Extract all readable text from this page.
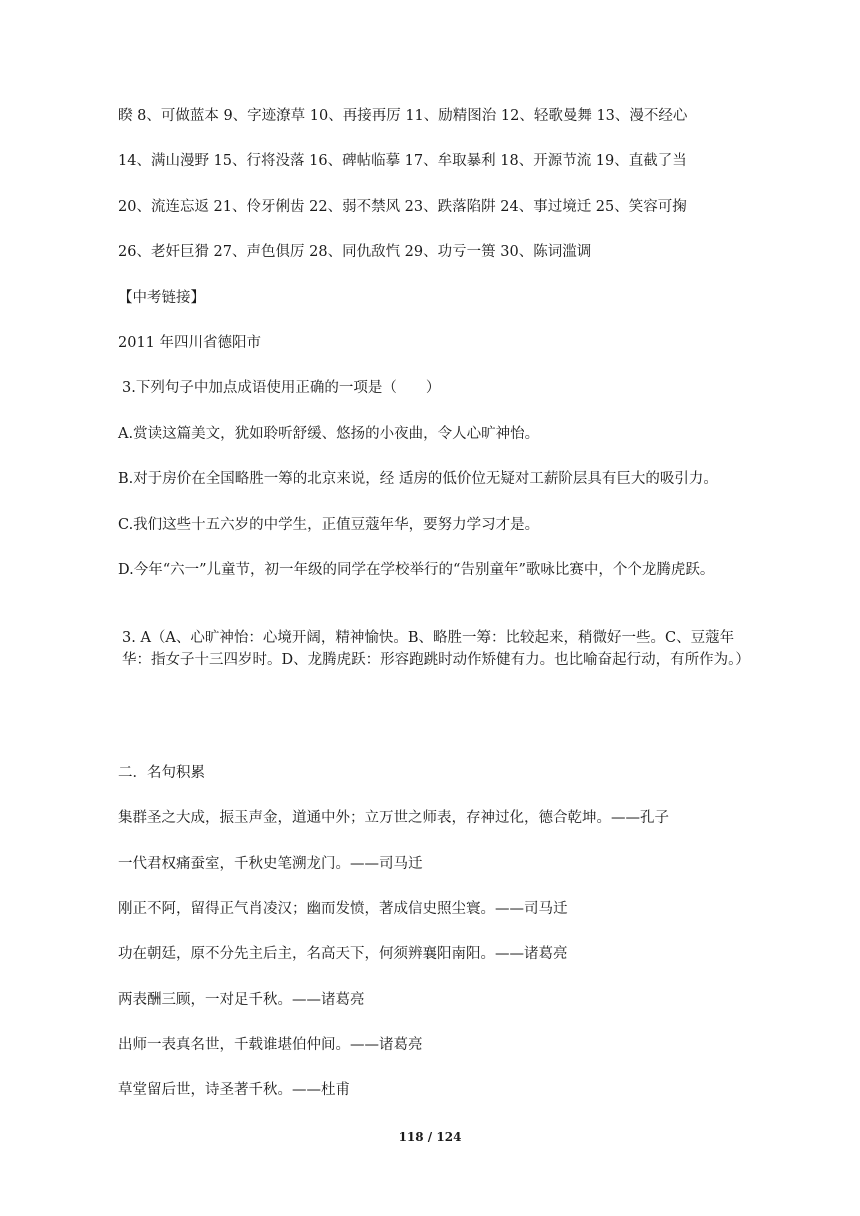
睽 8、可做蓝本 9、字迹潦草 10、再接再厉 11、励精图治 12、轻歌曼舞 13、漫不经心
14、满山漫野 15、行将没落 16、碑帖临摹 17、牟取暴利 18、开源节流 19、直截了当
20、流连忘返 21、伶牙俐齿 22、弱不禁风 23、跌落陷阱 24、事过境迁 25、笑容可掬
26、老奸巨猾 27、声色俱厉 28、同仇敌忾 29、功亏一篑 30、陈词滥调
【中考链接】
2011 年四川省德阳市
3.下列句子中加点成语使用正确的一项是（　　）
A.赏读这篇美文，犹如聆听舒缓、悠扬的小夜曲，令人心旷神怡。
B.对于房价在全国略胜一筹的北京来说，经 适房的低价位无疑对工薪阶层具有巨大的吸引力。
C.我们这些十五六岁的中学生，正值豆蔻年华，要努力学习才是。
D.今年“六一”儿童节，初一年级的同学在学校举行的“告别童年”歌咏比赛中，个个龙腾虎跃。
3. A（A、心旷神怡：心境开阔，精神愉快。B、略胜一筹：比较起来，稍微好一些。C、豆蔻年华：指女子十三四岁时。D、龙腾虎跃：形容跑跳时动作矫健有力。也比喻奋起行动，有所作为。）
二．名句积累
集群圣之大成，振玉声金，道通中外；立万世之师表，存神过化，德合乾坤。——孔子
一代君权痛蚕室，千秋史笔溯龙门。——司马迁
刚正不阿，留得正气肖凌汉；幽而发愤，著成信史照尘寰。——司马迁
功在朝廷，原不分先主后主，名高天下，何须辨襄阳南阳。——诸葛亮
两表酬三顾，一对足千秋。——诸葛亮
出师一表真名世，千载谁堪伯仲间。——诸葛亮
草堂留后世，诗圣著千秋。——杜甫
118 / 124
